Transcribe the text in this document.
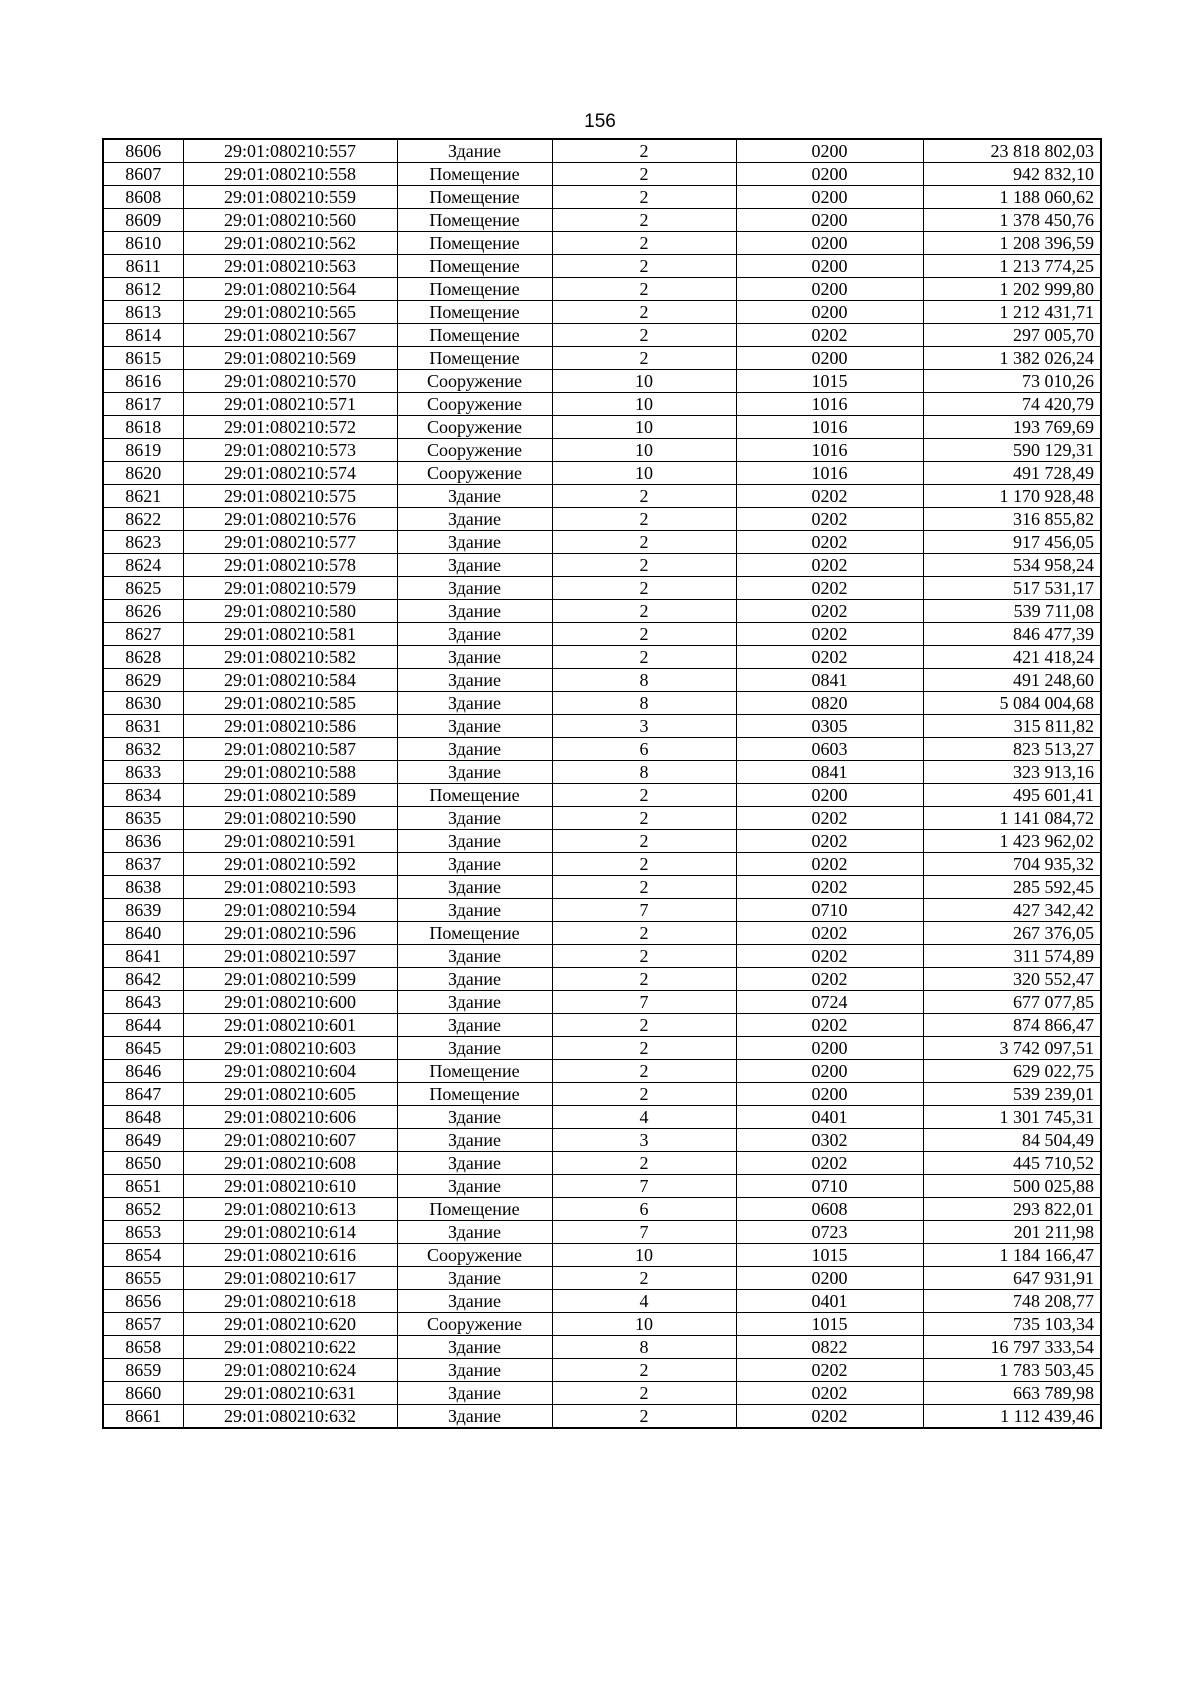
156
8606	29:01:080210:557	Здание	2	0200	23 818 802,03
8607	29:01:080210:558	Помещение	2	0200	942 832,10
8608	29:01:080210:559	Помещение	2	0200	1 188 060,62
8609	29:01:080210:560	Помещение	2	0200	1 378 450,76
8610	29:01:080210:562	Помещение	2	0200	1 208 396,59
8611	29:01:080210:563	Помещение	2	0200	1 213 774,25
8612	29:01:080210:564	Помещение	2	0200	1 202 999,80
8613	29:01:080210:565	Помещение	2	0200	1 212 431,71
8614	29:01:080210:567	Помещение	2	0202	297 005,70
8615	29:01:080210:569	Помещение	2	0200	1 382 026,24
8616	29:01:080210:570	Сооружение	10	1015	73 010,26
8617	29:01:080210:571	Сооружение	10	1016	74 420,79
8618	29:01:080210:572	Сооружение	10	1016	193 769,69
8619	29:01:080210:573	Сооружение	10	1016	590 129,31
8620	29:01:080210:574	Сооружение	10	1016	491 728,49
8621	29:01:080210:575	Здание	2	0202	1 170 928,48
8622	29:01:080210:576	Здание	2	0202	316 855,82
8623	29:01:080210:577	Здание	2	0202	917 456,05
8624	29:01:080210:578	Здание	2	0202	534 958,24
8625	29:01:080210:579	Здание	2	0202	517 531,17
8626	29:01:080210:580	Здание	2	0202	539 711,08
8627	29:01:080210:581	Здание	2	0202	846 477,39
8628	29:01:080210:582	Здание	2	0202	421 418,24
8629	29:01:080210:584	Здание	8	0841	491 248,60
8630	29:01:080210:585	Здание	8	0820	5 084 004,68
8631	29:01:080210:586	Здание	3	0305	315 811,82
8632	29:01:080210:587	Здание	6	0603	823 513,27
8633	29:01:080210:588	Здание	8	0841	323 913,16
8634	29:01:080210:589	Помещение	2	0200	495 601,41
8635	29:01:080210:590	Здание	2	0202	1 141 084,72
8636	29:01:080210:591	Здание	2	0202	1 423 962,02
8637	29:01:080210:592	Здание	2	0202	704 935,32
8638	29:01:080210:593	Здание	2	0202	285 592,45
8639	29:01:080210:594	Здание	7	0710	427 342,42
8640	29:01:080210:596	Помещение	2	0202	267 376,05
8641	29:01:080210:597	Здание	2	0202	311 574,89
8642	29:01:080210:599	Здание	2	0202	320 552,47
8643	29:01:080210:600	Здание	7	0724	677 077,85
8644	29:01:080210:601	Здание	2	0202	874 866,47
8645	29:01:080210:603	Здание	2	0200	3 742 097,51
8646	29:01:080210:604	Помещение	2	0200	629 022,75
8647	29:01:080210:605	Помещение	2	0200	539 239,01
8648	29:01:080210:606	Здание	4	0401	1 301 745,31
8649	29:01:080210:607	Здание	3	0302	84 504,49
8650	29:01:080210:608	Здание	2	0202	445 710,52
8651	29:01:080210:610	Здание	7	0710	500 025,88
8652	29:01:080210:613	Помещение	6	0608	293 822,01
8653	29:01:080210:614	Здание	7	0723	201 211,98
8654	29:01:080210:616	Сооружение	10	1015	1 184 166,47
8655	29:01:080210:617	Здание	2	0200	647 931,91
8656	29:01:080210:618	Здание	4	0401	748 208,77
8657	29:01:080210:620	Сооружение	10	1015	735 103,34
8658	29:01:080210:622	Здание	8	0822	16 797 333,54
8659	29:01:080210:624	Здание	2	0202	1 783 503,45
8660	29:01:080210:631	Здание	2	0202	663 789,98
8661	29:01:080210:632	Здание	2	0202	1 112 439,46
